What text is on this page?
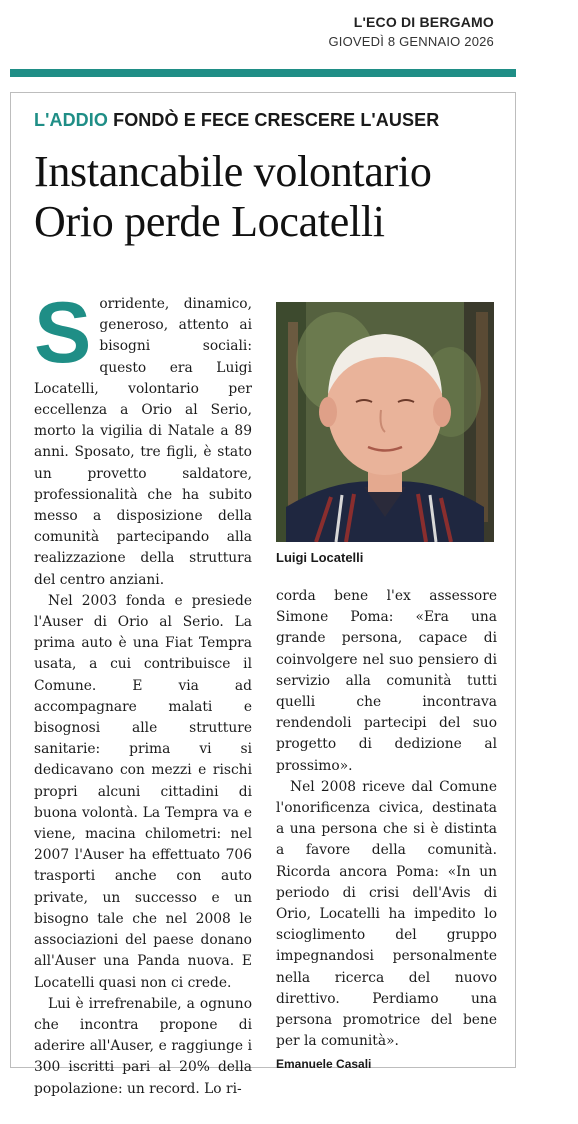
L'ECO DI BERGAMO
GIOVEDÌ 8 GENNAIO 2026
L'ADDIO FONDÒ E FECE CRESCERE L'AUSER
Instancabile volontario
Orio perde Locatelli

Sorridente, dinamico, generoso, attento ai bisogni sociali: questo era Luigi Locatelli, volontario per eccellenza a Orio al Serio, morto la vigilia di Natale a 89 anni. Sposato, tre figli, è stato un provetto saldatore, professionalità che ha subito messo a disposizione della comunità partecipando alla realizzazione della struttura del centro anziani.

Nel 2003 fonda e presiede l'Auser di Orio al Serio. La prima auto è una Fiat Tempra usata, a cui contribuisce il Comune. E via ad accompagnare malati e bisognosi alle strutture sanitarie: prima vi si dedicavano con mezzi e rischi propri alcuni cittadini di buona volontà. La Tempra va e viene, macina chilometri: nel 2007 l'Auser ha effettuato 706 trasporti anche con auto private, un successo e un bisogno tale che nel 2008 le associazioni del paese donano all'Auser una Panda nuova. E Locatelli quasi non ci crede.

Lui è irrefrenabile, a ognuno che incontra propone di aderire all'Auser, e raggiunge i 300 iscritti pari al 20% della popolazione: un record. Lo ri-

Luigi Locatelli

corda bene l'ex assessore Simone Poma: «Era una grande persona, capace di coinvolgere nel suo pensiero di servizio alla comunità tutti quelli che incontrava rendendoli partecipi del suo progetto di dedizione al prossimo».

Nel 2008 riceve dal Comune l'onorificenza civica, destinata a una persona che si è distinta a favore della comunità. Ricorda ancora Poma: «In un periodo di crisi dell'Avis di Orio, Locatelli ha impedito lo scioglimento del gruppo impegnandosi personalmente nella ricerca del nuovo direttivo. Perdiamo una persona promotrice del bene per la comunità».

Emanuele Casali
